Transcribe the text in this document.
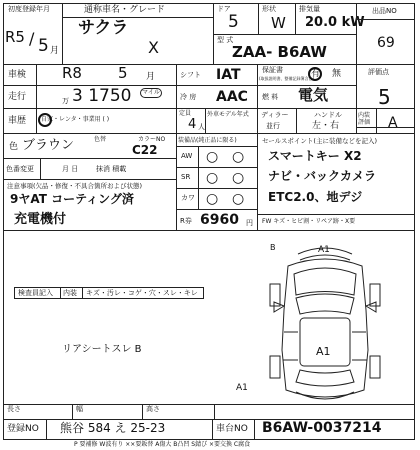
初度登録年月
R5 / 5 月
通称車名・グレード
サクラ
X
ドア
5
形状
W
排気量
20.0 kW
出品NO
69
型 式
ZAA- B6AW
車検 R8 5 月	シフト IAT	保証書
(取扱説明書、整備記録簿含む)
有 無	評価点
5
走行	万 3 1750	マイル
冷 房 AAC 燃 料 電気
車歴 自家・レンタ・事業用 ( )
定員
4 人
外車モデル年式 ディラー
並行
ハンドル
左・右
内装評価 A
色 ブラウン	色替	カラーNO
C22
色番変更	月 日	抹消 積載
装備品(純正品に限る)
AW ○ ○
SR ○ ○
カワ ○ ○
R券 6960 円
セールスポイント(主に装備などを記入)
スマートキー X2
ナビ・バックカメラ
ETC2.0、地デジ
FW キズ・ヒビ割・リペア跡・X要
注意事項(欠品・修復・不具合箇所および状態)
9ヤAT コーティング済
充電機付
検査員記入 内装 キズ・汚レ・コゲ・穴・スレ・キレ
リアシートスレ B
A1
A1
A1
B
長さ	幅	高さ
登録NO 熊谷 584 え 25-23	車台NO B6AW-0037214
P 要補修 W波有り ××要鈑替 A傷大 B凸凹 S錆び ×要交換 C腐食
